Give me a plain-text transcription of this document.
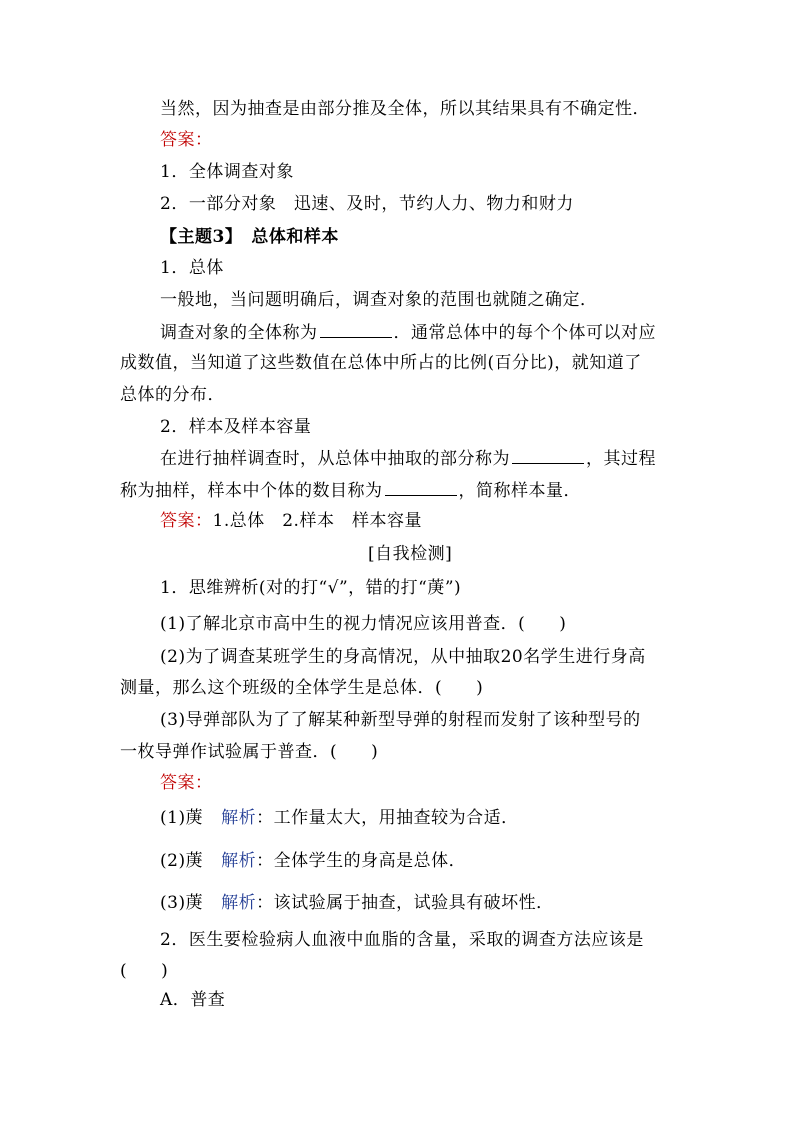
当然，因为抽查是由部分推及全体，所以其结果具有不确定性．
答案：
1．全体调查对象
2．一部分对象　迅速、及时，节约人力、物力和财力
【主题3】　总体和样本
1．总体
一般地，当问题明确后，调查对象的范围也就随之确定．
调查对象的全体称为	．通常总体中的每个个体可以对应
成数值，当知道了这些数值在总体中所占的比例(百分比)，就知道了
总体的分布．
2．样本及样本容量
在进行抽样调查时，从总体中抽取的部分称为	，其过程
称为抽样，样本中个体的数目称为	，简称样本量．
答案：1.总体　2.样本　样本容量
[自我检测]
1．思维辨析(对的打“√”，错的打“菮”)
(1)了解北京市高中生的视力情况应该用普查．( )
(2)为了调查某班学生的身高情况，从中抽取20名学生进行身高
测量，那么这个班级的全体学生是总体．( )
(3)导弹部队为了了解某种新型导弹的射程而发射了该种型号的
一枚导弹作试验属于普查．( )
答案：
(1)菮 解析：工作量太大，用抽查较为合适．
(2)菮 解析：全体学生的身高是总体．
(3)菮 解析：该试验属于抽查，试验具有破坏性．
2．医生要检验病人血液中血脂的含量，采取的调查方法应该是
( )
A．普查
